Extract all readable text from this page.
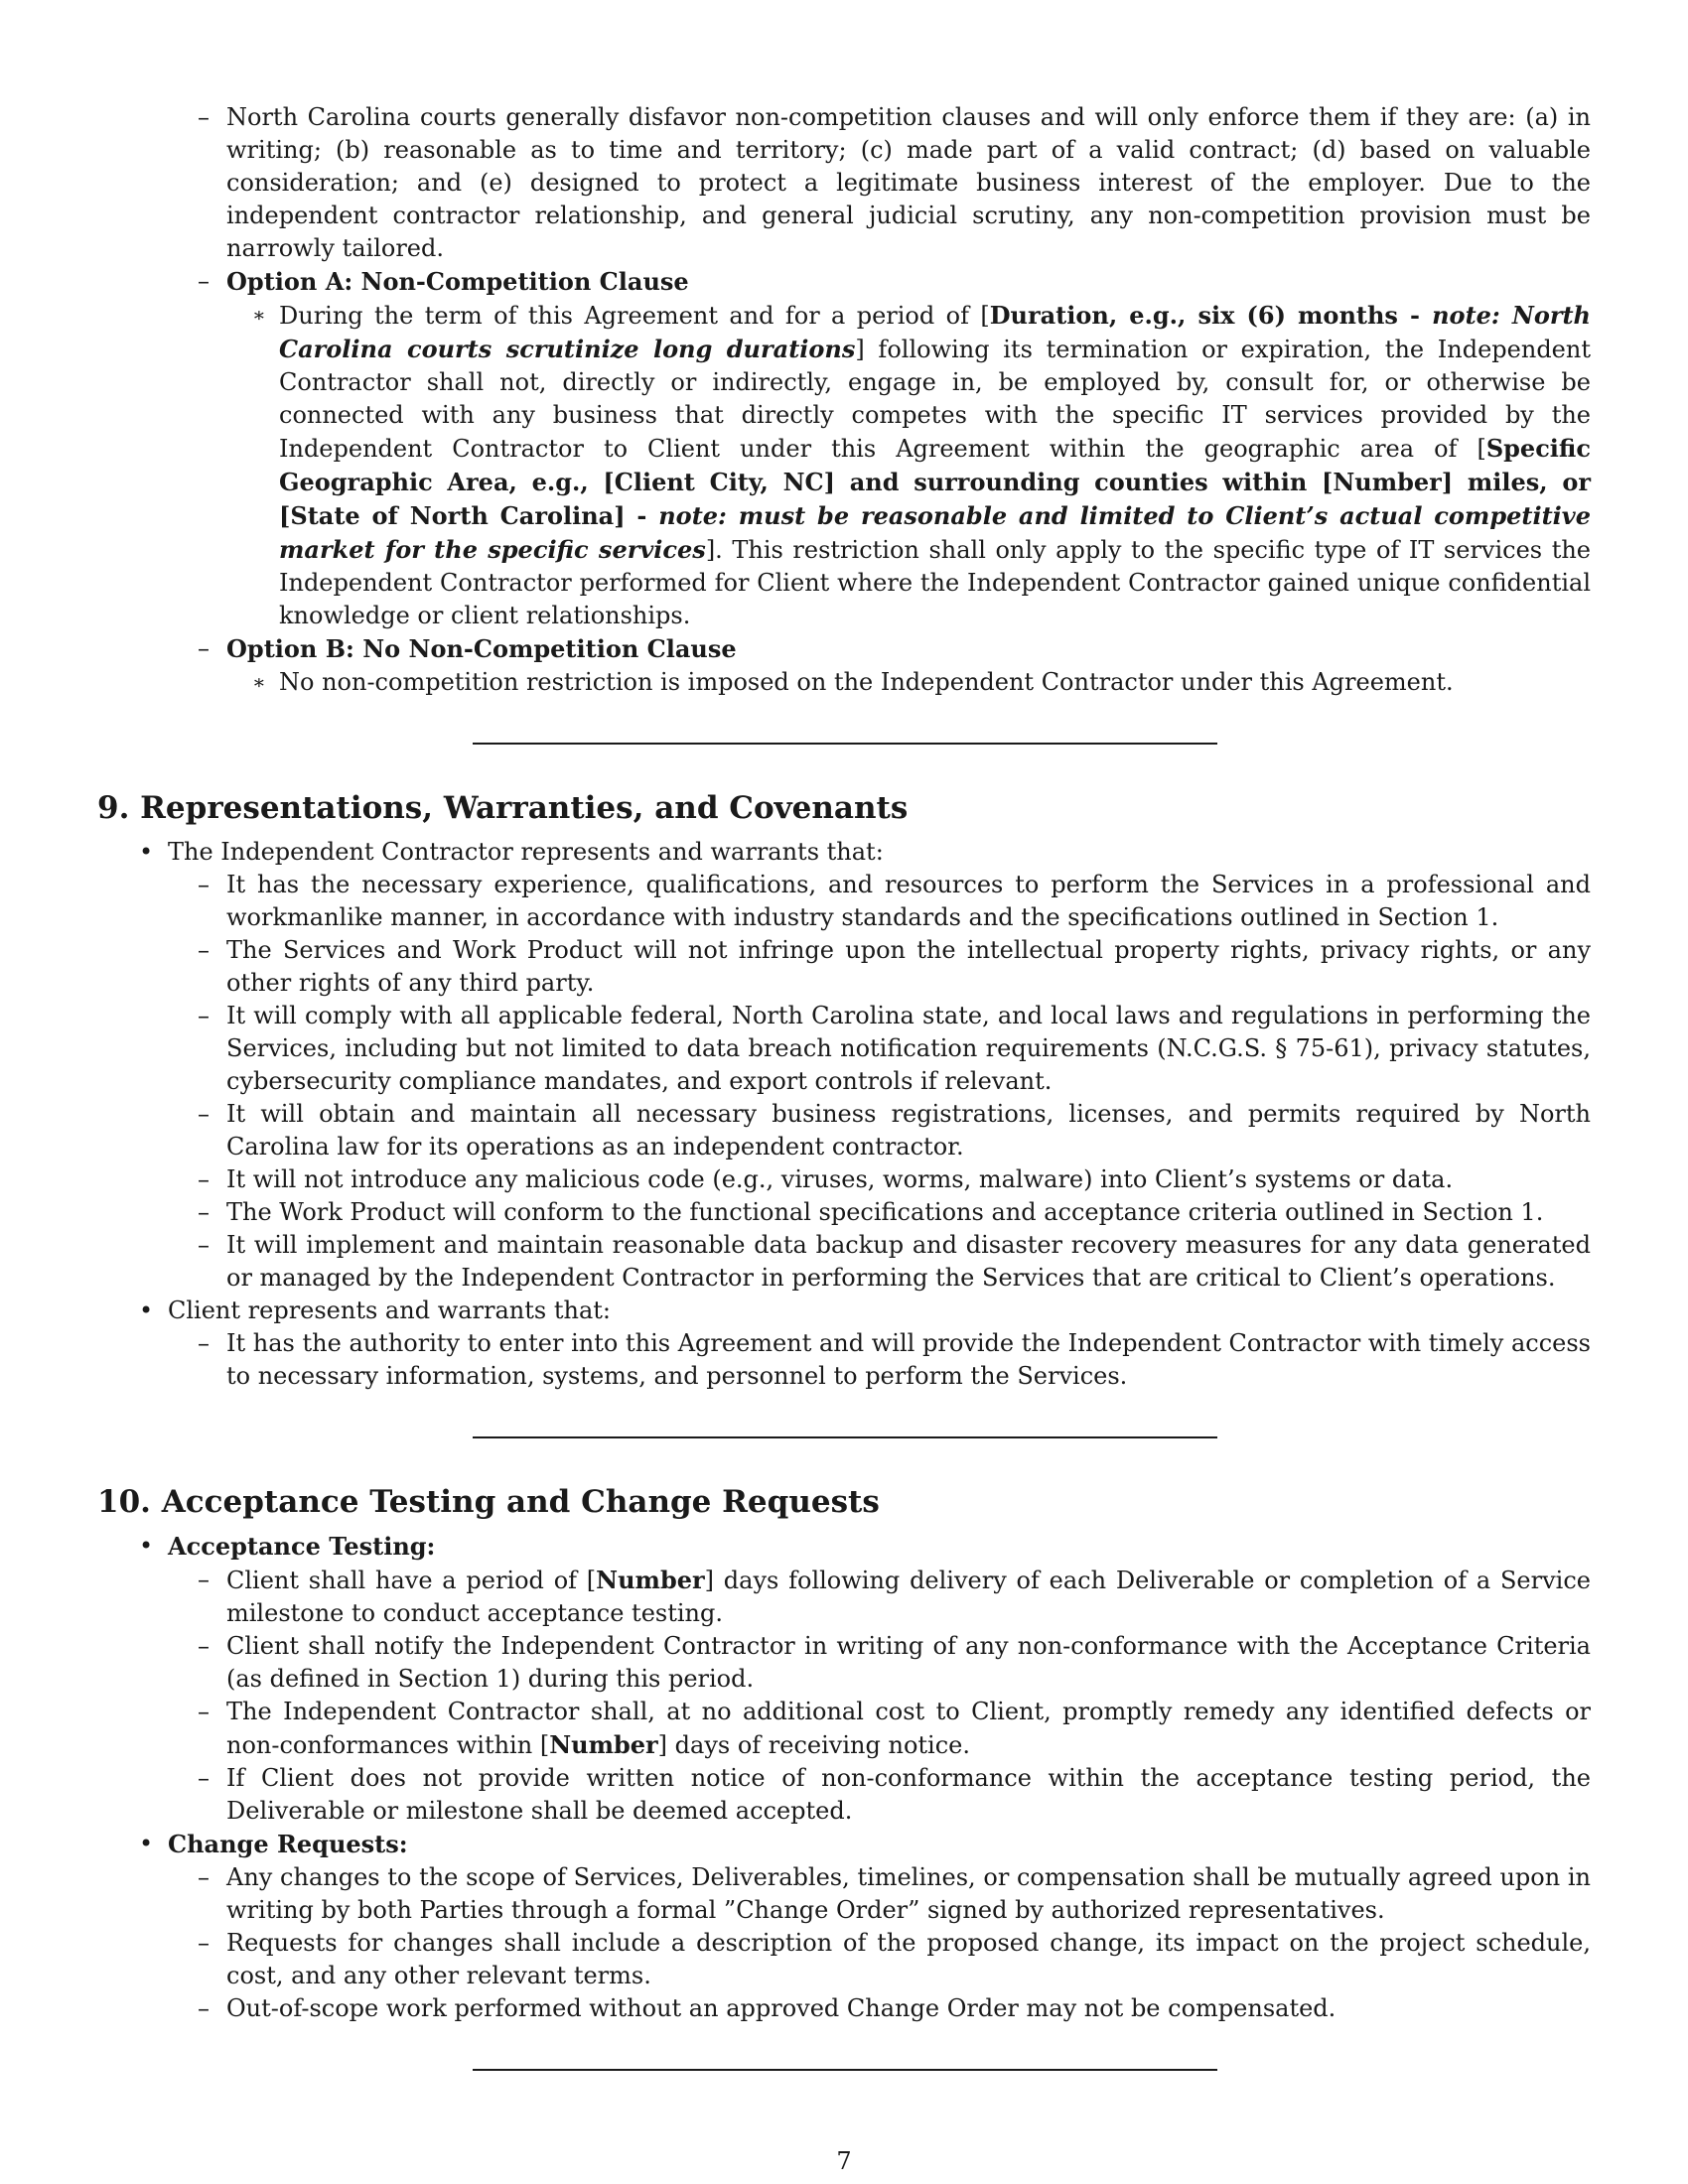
– North Carolina courts generally disfavor non-competition clauses and will only enforce them if they are: (a) in writing; (b) reasonable as to time and territory; (c) made part of a valid contract; (d) based on valuable consideration; and (e) designed to protect a legitimate business interest of the employer. Due to the independent contractor relationship, and general judicial scrutiny, any non-competition provision must be narrowly tailored.
– Option A: Non-Competition Clause
∗ During the term of this Agreement and for a period of [Duration, e.g., six (6) months - note: North Carolina courts scrutinize long durations] following its termination or expiration, the Independent Contractor shall not, directly or indirectly, engage in, be employed by, consult for, or otherwise be connected with any business that directly competes with the specific IT services provided by the Independent Contractor to Client under this Agreement within the geographic area of [Specific Geographic Area, e.g., [Client City, NC] and surrounding counties within [Number] miles, or [State of North Carolina] - note: must be reasonable and limited to Client’s actual competitive market for the specific services]. This restriction shall only apply to the specific type of IT services the Independent Contractor performed for Client where the Independent Contractor gained unique confidential knowledge or client relationships.
– Option B: No Non-Competition Clause
∗ No non-competition restriction is imposed on the Independent Contractor under this Agreement.
9. Representations, Warranties, and Covenants
• The Independent Contractor represents and warrants that:
– It has the necessary experience, qualifications, and resources to perform the Services in a professional and workmanlike manner, in accordance with industry standards and the specifications outlined in Section 1.
– The Services and Work Product will not infringe upon the intellectual property rights, privacy rights, or any other rights of any third party.
– It will comply with all applicable federal, North Carolina state, and local laws and regulations in performing the Services, including but not limited to data breach notification requirements (N.C.G.S. § 75-61), privacy statutes, cybersecurity compliance mandates, and export controls if relevant.
– It will obtain and maintain all necessary business registrations, licenses, and permits required by North Carolina law for its operations as an independent contractor.
– It will not introduce any malicious code (e.g., viruses, worms, malware) into Client’s systems or data.
– The Work Product will conform to the functional specifications and acceptance criteria outlined in Section 1.
– It will implement and maintain reasonable data backup and disaster recovery measures for any data generated or managed by the Independent Contractor in performing the Services that are critical to Client’s operations.
• Client represents and warrants that:
– It has the authority to enter into this Agreement and will provide the Independent Contractor with timely access to necessary information, systems, and personnel to perform the Services.
10. Acceptance Testing and Change Requests
• Acceptance Testing:
– Client shall have a period of [Number] days following delivery of each Deliverable or completion of a Service milestone to conduct acceptance testing.
– Client shall notify the Independent Contractor in writing of any non-conformance with the Acceptance Criteria (as defined in Section 1) during this period.
– The Independent Contractor shall, at no additional cost to Client, promptly remedy any identified defects or non-conformances within [Number] days of receiving notice.
– If Client does not provide written notice of non-conformance within the acceptance testing period, the Deliverable or milestone shall be deemed accepted.
• Change Requests:
– Any changes to the scope of Services, Deliverables, timelines, or compensation shall be mutually agreed upon in writing by both Parties through a formal ”Change Order” signed by authorized representatives.
– Requests for changes shall include a description of the proposed change, its impact on the project schedule, cost, and any other relevant terms.
– Out-of-scope work performed without an approved Change Order may not be compensated.
7
